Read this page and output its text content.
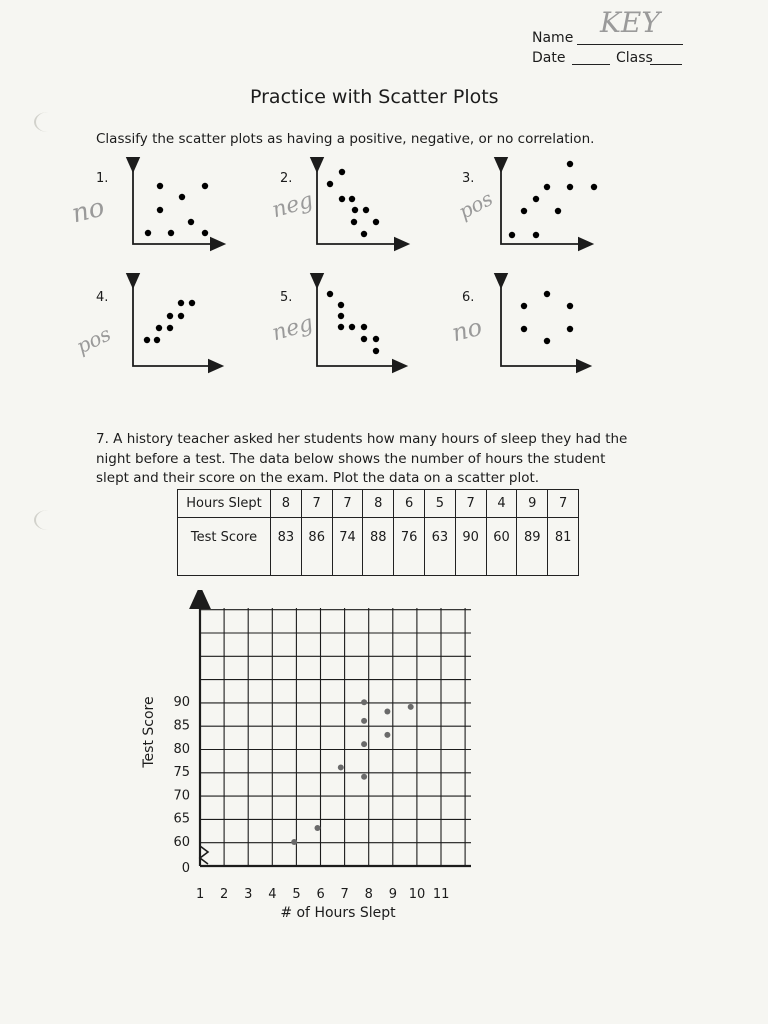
Name KEY
Date	Class
Practice with Scatter Plots
Classify the scatter plots as having a positive, negative, or no correlation.
1.	2.	3.
4.	5.	6.
no	neg	pos
pos	neg	no
7. A history teacher asked her students how many hours of sleep they had the
night before a test. The data below shows the number of hours the student
slept and their score on the exam. Plot the data on a scatter plot.
Hours Slept	8	7	7	8	6	5	7	4	9	7
Test Score	83	86	74	88	76	63	90	60	89	81
1 2 3 4 5 6 7 8 9 10 11
0
60
65
70
75
80
85
90
# of Hours Slept
Test Score
